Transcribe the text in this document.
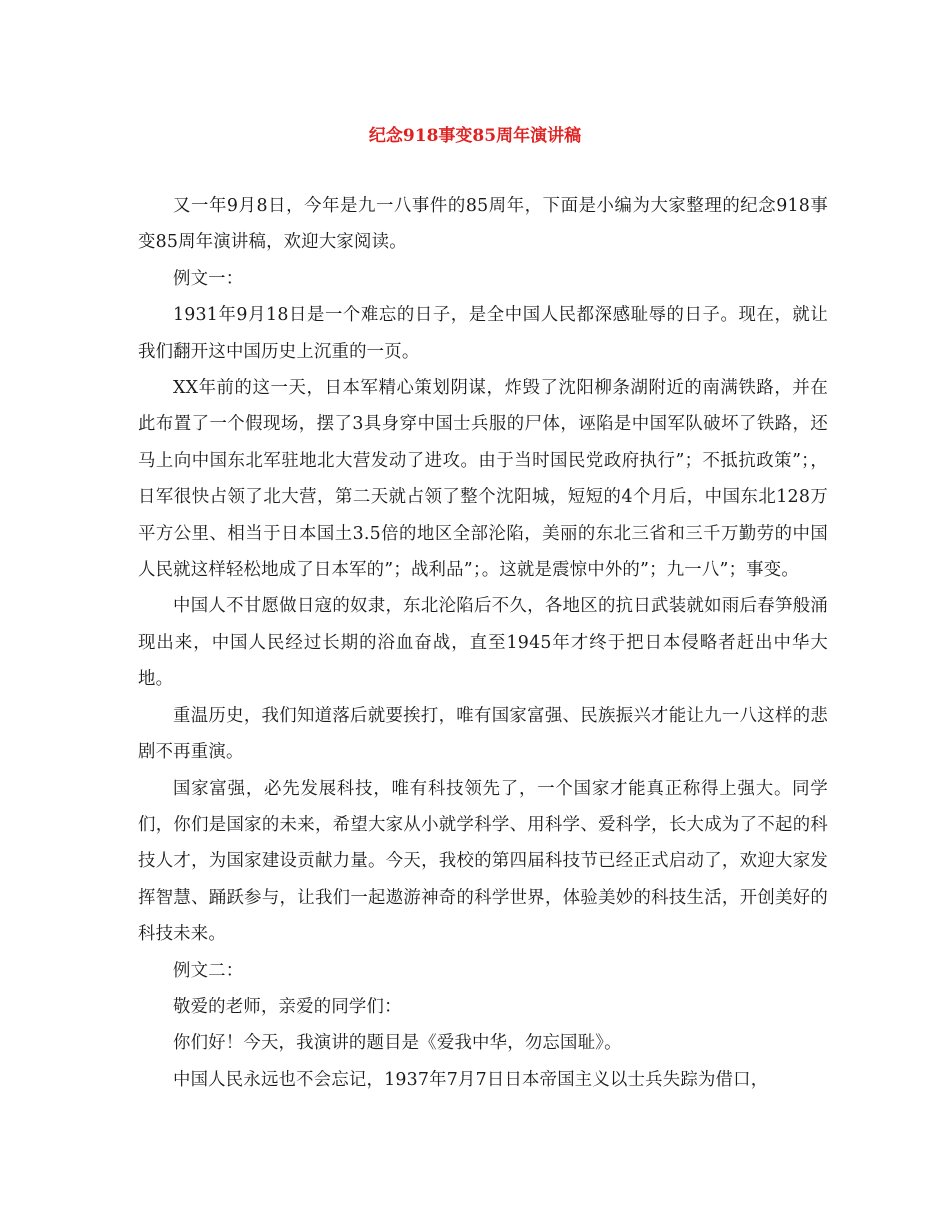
纪念918事变85周年演讲稿

又一年9月8日，今年是九一八事件的85周年，下面是小编为大家整理的纪念918事变85周年演讲稿，欢迎大家阅读。

例文一：

1931年9月18日是一个难忘的日子，是全中国人民都深感耻辱的日子。现在，就让我们翻开这中国历史上沉重的一页。

XX年前的这一天，日本军精心策划阴谋，炸毁了沈阳柳条湖附近的南满铁路，并在此布置了一个假现场，摆了3具身穿中国士兵服的尸体，诬陷是中国军队破坏了铁路，还马上向中国东北军驻地北大营发动了进攻。由于当时国民党政府执行”；不抵抗政策”；，日军很快占领了北大营，第二天就占领了整个沈阳城，短短的4个月后，中国东北128万平方公里、相当于日本国土3.5倍的地区全部沦陷，美丽的东北三省和三千万勤劳的中国人民就这样轻松地成了日本军的”；战利品”；。这就是震惊中外的”；九一八”；事变。

中国人不甘愿做日寇的奴隶，东北沦陷后不久，各地区的抗日武装就如雨后春笋般涌现出来，中国人民经过长期的浴血奋战，直至1945年才终于把日本侵略者赶出中华大地。

重温历史，我们知道落后就要挨打，唯有国家富强、民族振兴才能让九一八这样的悲剧不再重演。

国家富强，必先发展科技，唯有科技领先了，一个国家才能真正称得上强大。同学们，你们是国家的未来，希望大家从小就学科学、用科学、爱科学，长大成为了不起的科技人才，为国家建设贡献力量。今天，我校的第四届科技节已经正式启动了，欢迎大家发挥智慧、踊跃参与，让我们一起遨游神奇的科学世界，体验美妙的科技生活，开创美好的科技未来。

例文二：

敬爱的老师，亲爱的同学们：

你们好！今天，我演讲的题目是《爱我中华，勿忘国耻》。

中国人民永远也不会忘记，1937年7月7日日本帝国主义以士兵失踪为借口，
